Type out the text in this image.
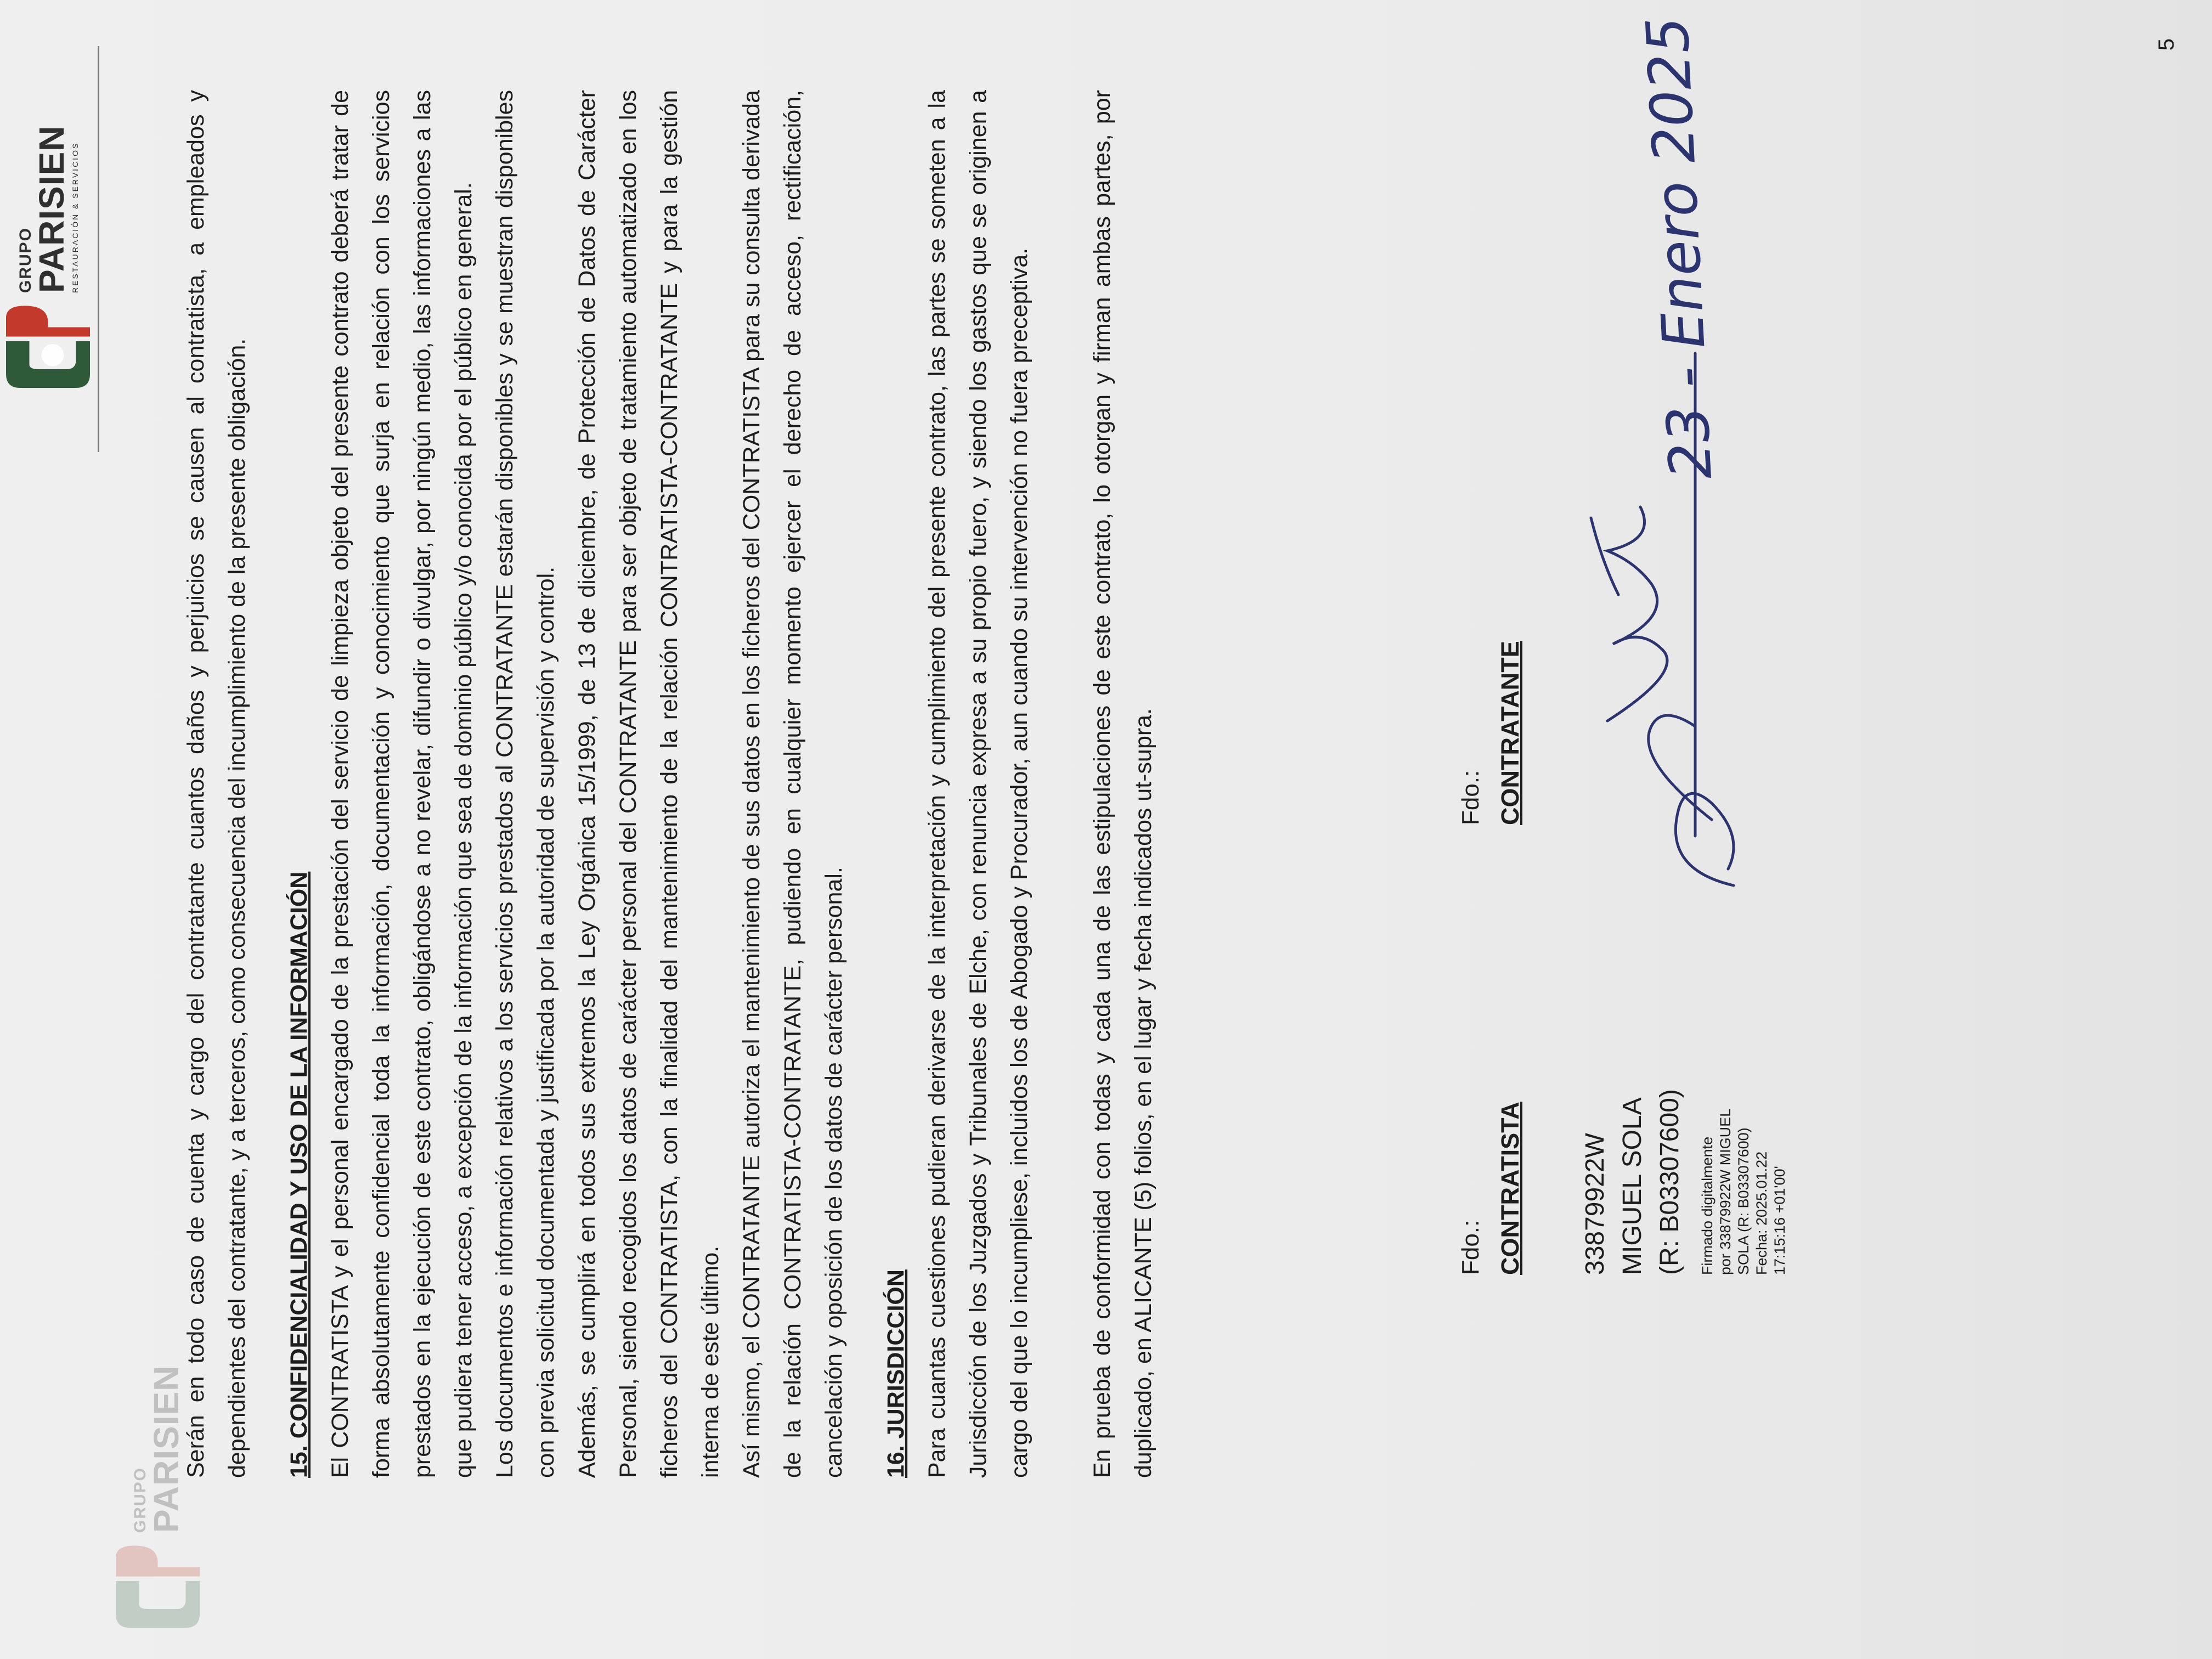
GRUPO
PARISIEN
GRUPO
PARISIEN RESTAURACIÓN & SERVICIOS	Serán en todo caso de cuenta y cargo del contratante cuantos daños y perjuicios se causen al contratista, a empleados y dependientes del contratante, y a terceros, como consecuencia del incumplimiento de la presente obligación.	15. CONFIDENCIALIDAD Y USO DE LA INFORMACIÓN El CONTRATISTA y el personal encargado de la prestación del servicio de limpieza objeto del presente contrato deberá tratar de forma absolutamente confidencial toda la información, documentación y conocimiento que surja en relación con los servicios prestados en la ejecución de este contrato, obligándose a no revelar, difundir o divulgar, por ningún medio, las informaciones a las que pudiera tener acceso, a excepción de la información que sea de dominio público y/o conocida por el público en general. Los documentos e información relativos a los servicios prestados al CONTRATANTE estarán disponibles y se muestran disponibles con previa solicitud documentada y justificada por la autoridad de supervisión y control. Además, se cumplirá en todos sus extremos la Ley Orgánica 15/1999, de 13 de diciembre, de Protección de Datos de Carácter Personal, siendo recogidos los datos de carácter personal del CONTRATANTE para ser objeto de tratamiento automatizado en los ficheros del CONTRATISTA, con la finalidad del mantenimiento de la relación CONTRATISTA-CONTRATANTE y para la gestión interna de este último. Así mismo, el CONTRATANTE autoriza el mantenimiento de sus datos en los ficheros del CONTRATISTA para su consulta derivada de la relación CONTRATISTA-CONTRATANTE, pudiendo en cualquier momento ejercer el derecho de acceso, rectificación, cancelación y oposición de los datos de carácter personal.	16. JURISDICCIÓN Para cuantas cuestiones pudieran derivarse de la interpretación y cumplimiento del presente contrato, las partes se someten a la Jurisdicción de los Juzgados y Tribunales de Elche, con renuncia expresa a su propio fuero, y siendo los gastos que se originen a cargo del que lo incumpliese, incluidos los de Abogado y Procurador, aun cuando su intervención no fuera preceptiva.	En prueba de conformidad con todas y cada una de las estipulaciones de este contrato, lo otorgan y firman ambas partes, por duplicado, en ALICANTE (5) folios, en el lugar y fecha indicados ut-supra.	Fdo.: CONTRATISTA 33879922W MIGUEL SOLA (R: B03307600) Firmado digitalmente por 33879922W MIGUEL SOLA (R: B03307600) Fecha: 2025.01.22 17:15:16 +01'00'
Fdo.: CONTRATANTE
23 - Enero 2025	5
